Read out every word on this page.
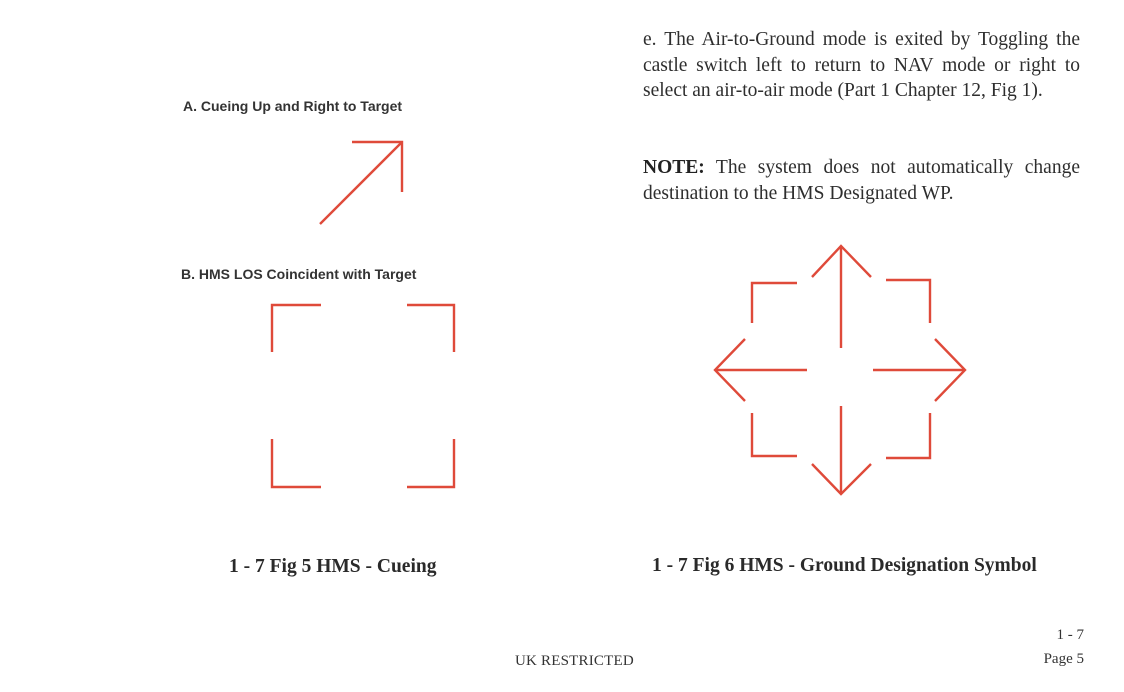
A. Cueing Up and Right to Target
B. HMS LOS Coincident with Target
e. The Air-to-Ground mode is exited by Toggling the castle switch left to return to NAV mode or right to select an air-to-air mode (Part 1 Chapter 12, Fig 1).
NOTE: The system does not automatically change destination to the HMS Designated WP.
1 - 7 Fig 5 HMS - Cueing	1 - 7 Fig 6 HMS - Ground Designation Symbol
1 - 7
UK RESTRICTED	Page 5
